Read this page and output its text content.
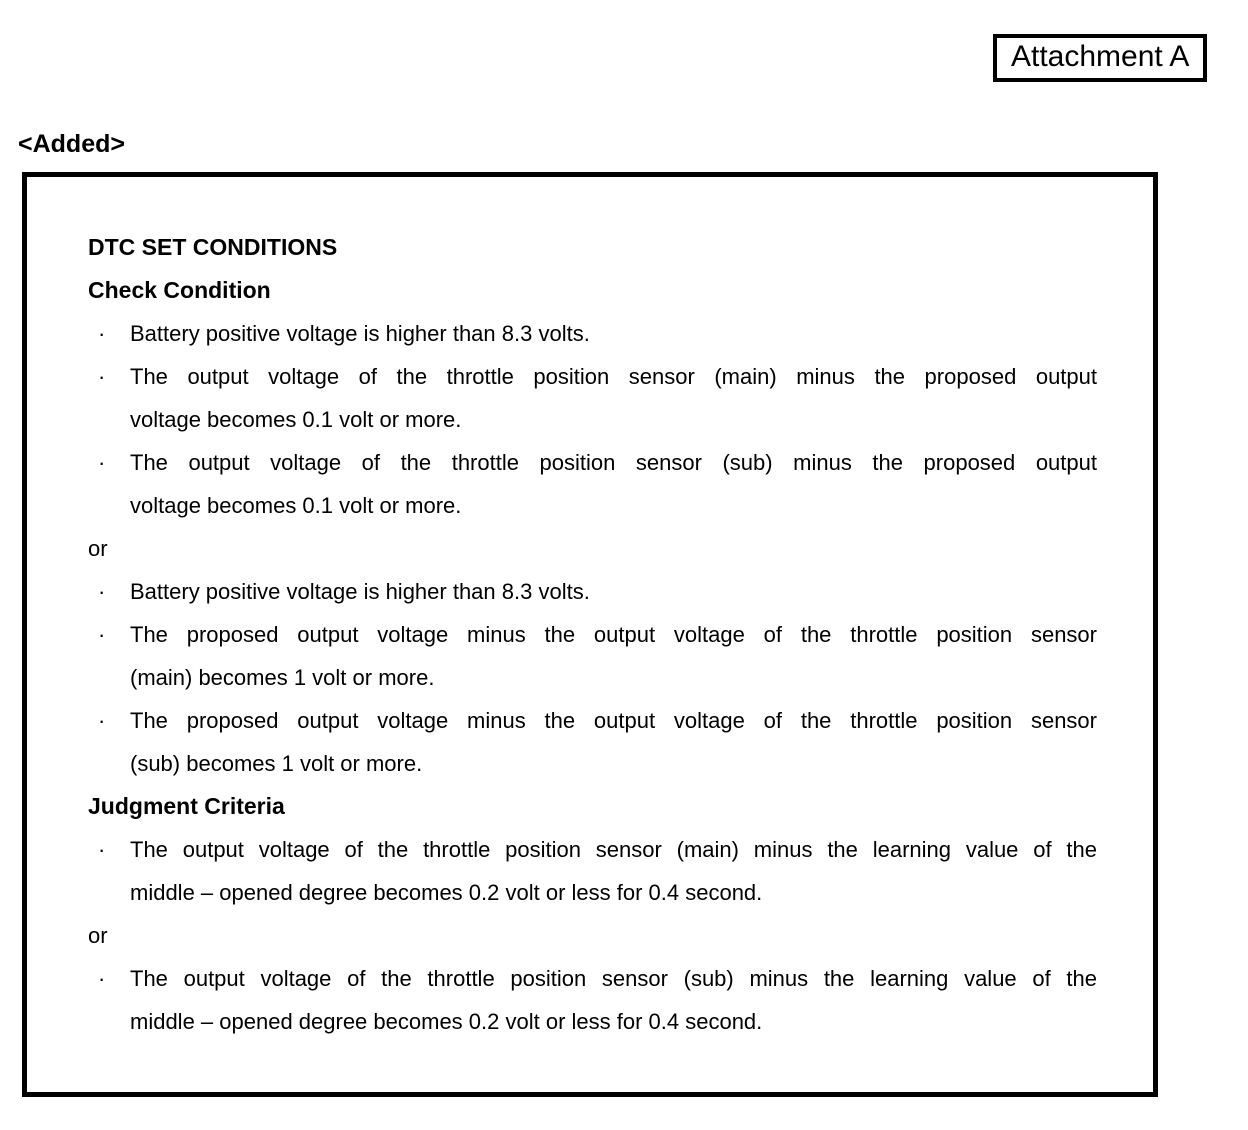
Attachment A
<Added>
DTC SET CONDITIONS
Check Condition
·	Battery positive voltage is higher than 8.3 volts.
·	The output voltage of the throttle position sensor (main) minus the proposed output
voltage becomes 0.1 volt or more.
·	The output voltage of the throttle position sensor (sub) minus the proposed output
voltage becomes 0.1 volt or more.
or
·	Battery positive voltage is higher than 8.3 volts.
·	The proposed output voltage minus the output voltage of the throttle position sensor
(main) becomes 1 volt or more.
·	The proposed output voltage minus the output voltage of the throttle position sensor
(sub) becomes 1 volt or more.
Judgment Criteria
·	The output voltage of the throttle position sensor (main) minus the learning value of the
middle – opened degree becomes 0.2 volt or less for 0.4 second.
or
·	The output voltage of the throttle position sensor (sub) minus the learning value of the
middle – opened degree becomes 0.2 volt or less for 0.4 second.
